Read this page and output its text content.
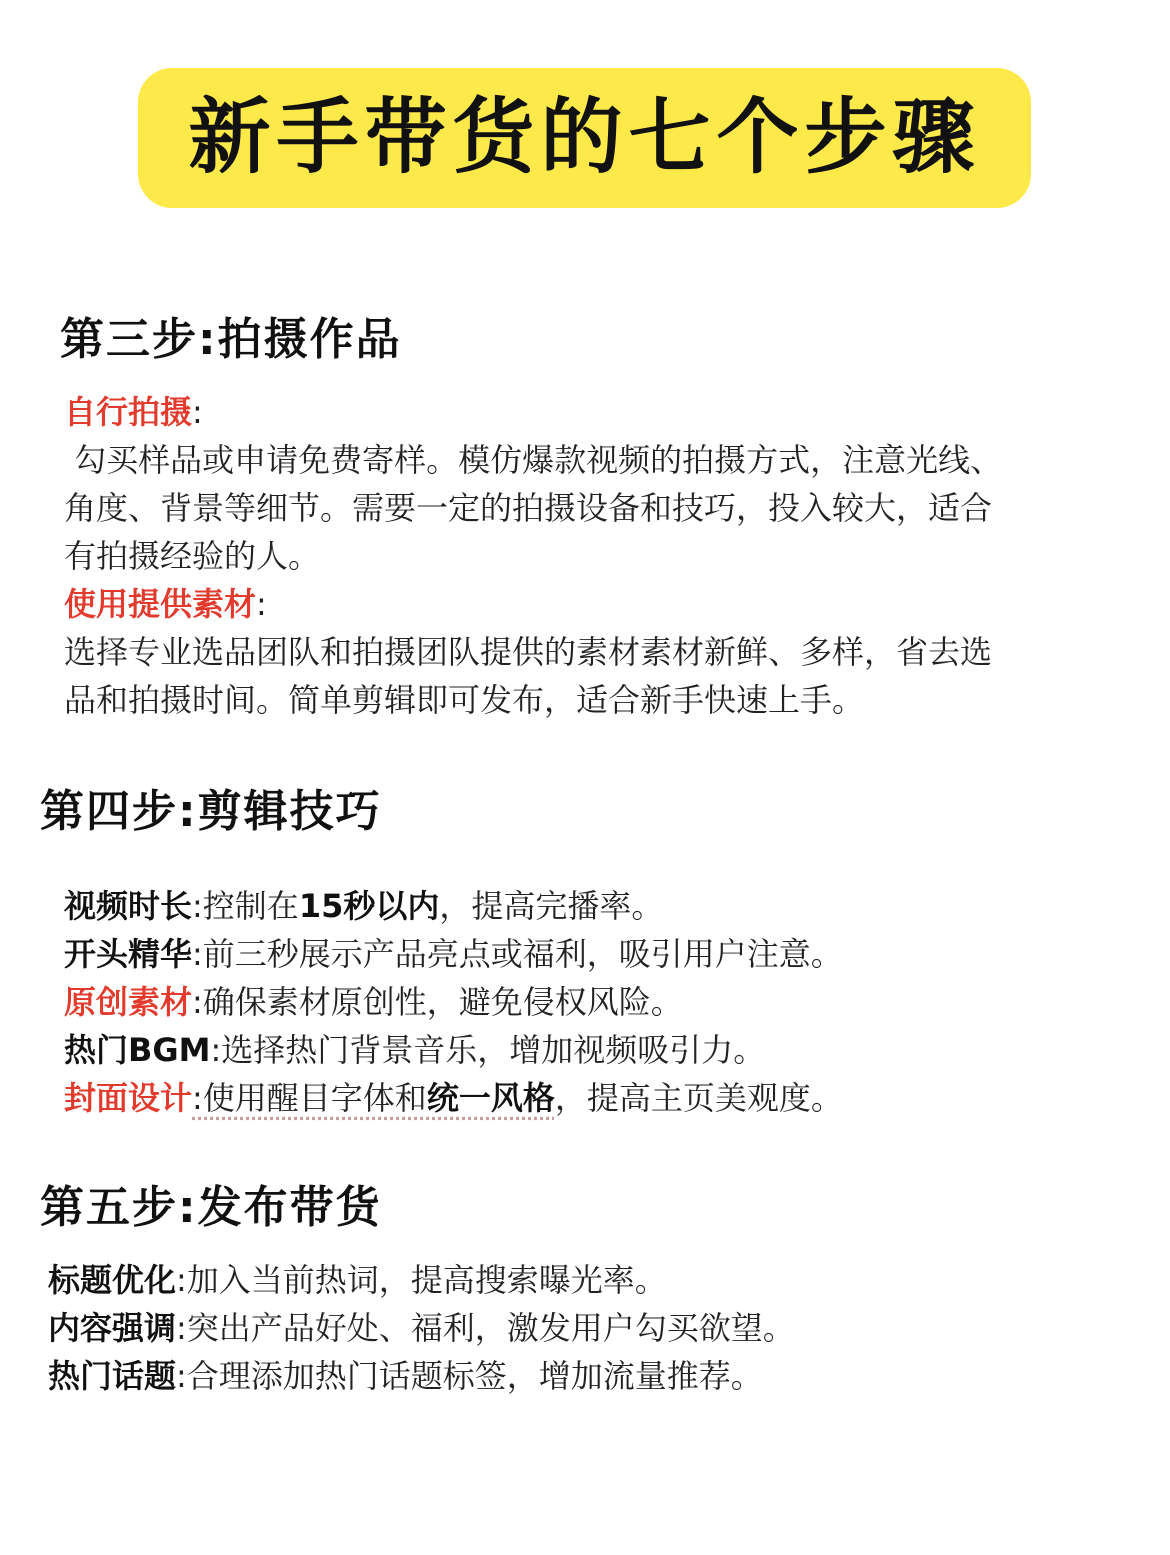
新手带货的七个步骤
第三步:拍摄作品
自行拍摄:
勾买样品或申请免费寄样。模仿爆款视频的拍摄方式，注意光线、
角度、背景等细节。需要一定的拍摄设备和技巧，投入较大，适合
有拍摄经验的人。
使用提供素材:
选择专业选品团队和拍摄团队提供的素材素材新鲜、多样，省去选
品和拍摄时间。简单剪辑即可发布，适合新手快速上手。
第四步:剪辑技巧
视频时长:控制在15秒以内，提高完播率。
开头精华:前三秒展示产品亮点或福利，吸引用户注意。
原创素材:确保素材原创性，避免侵权风险。
热门BGM:选择热门背景音乐，增加视频吸引力。
封面设计:使用醒目字体和统一风格，提高主页美观度。
第五步:发布带货
标题优化:加入当前热词，提高搜索曝光率。
内容强调:突出产品好处、福利，激发用户勾买欲望。
热门话题:合理添加热门话题标签，增加流量推荐。
